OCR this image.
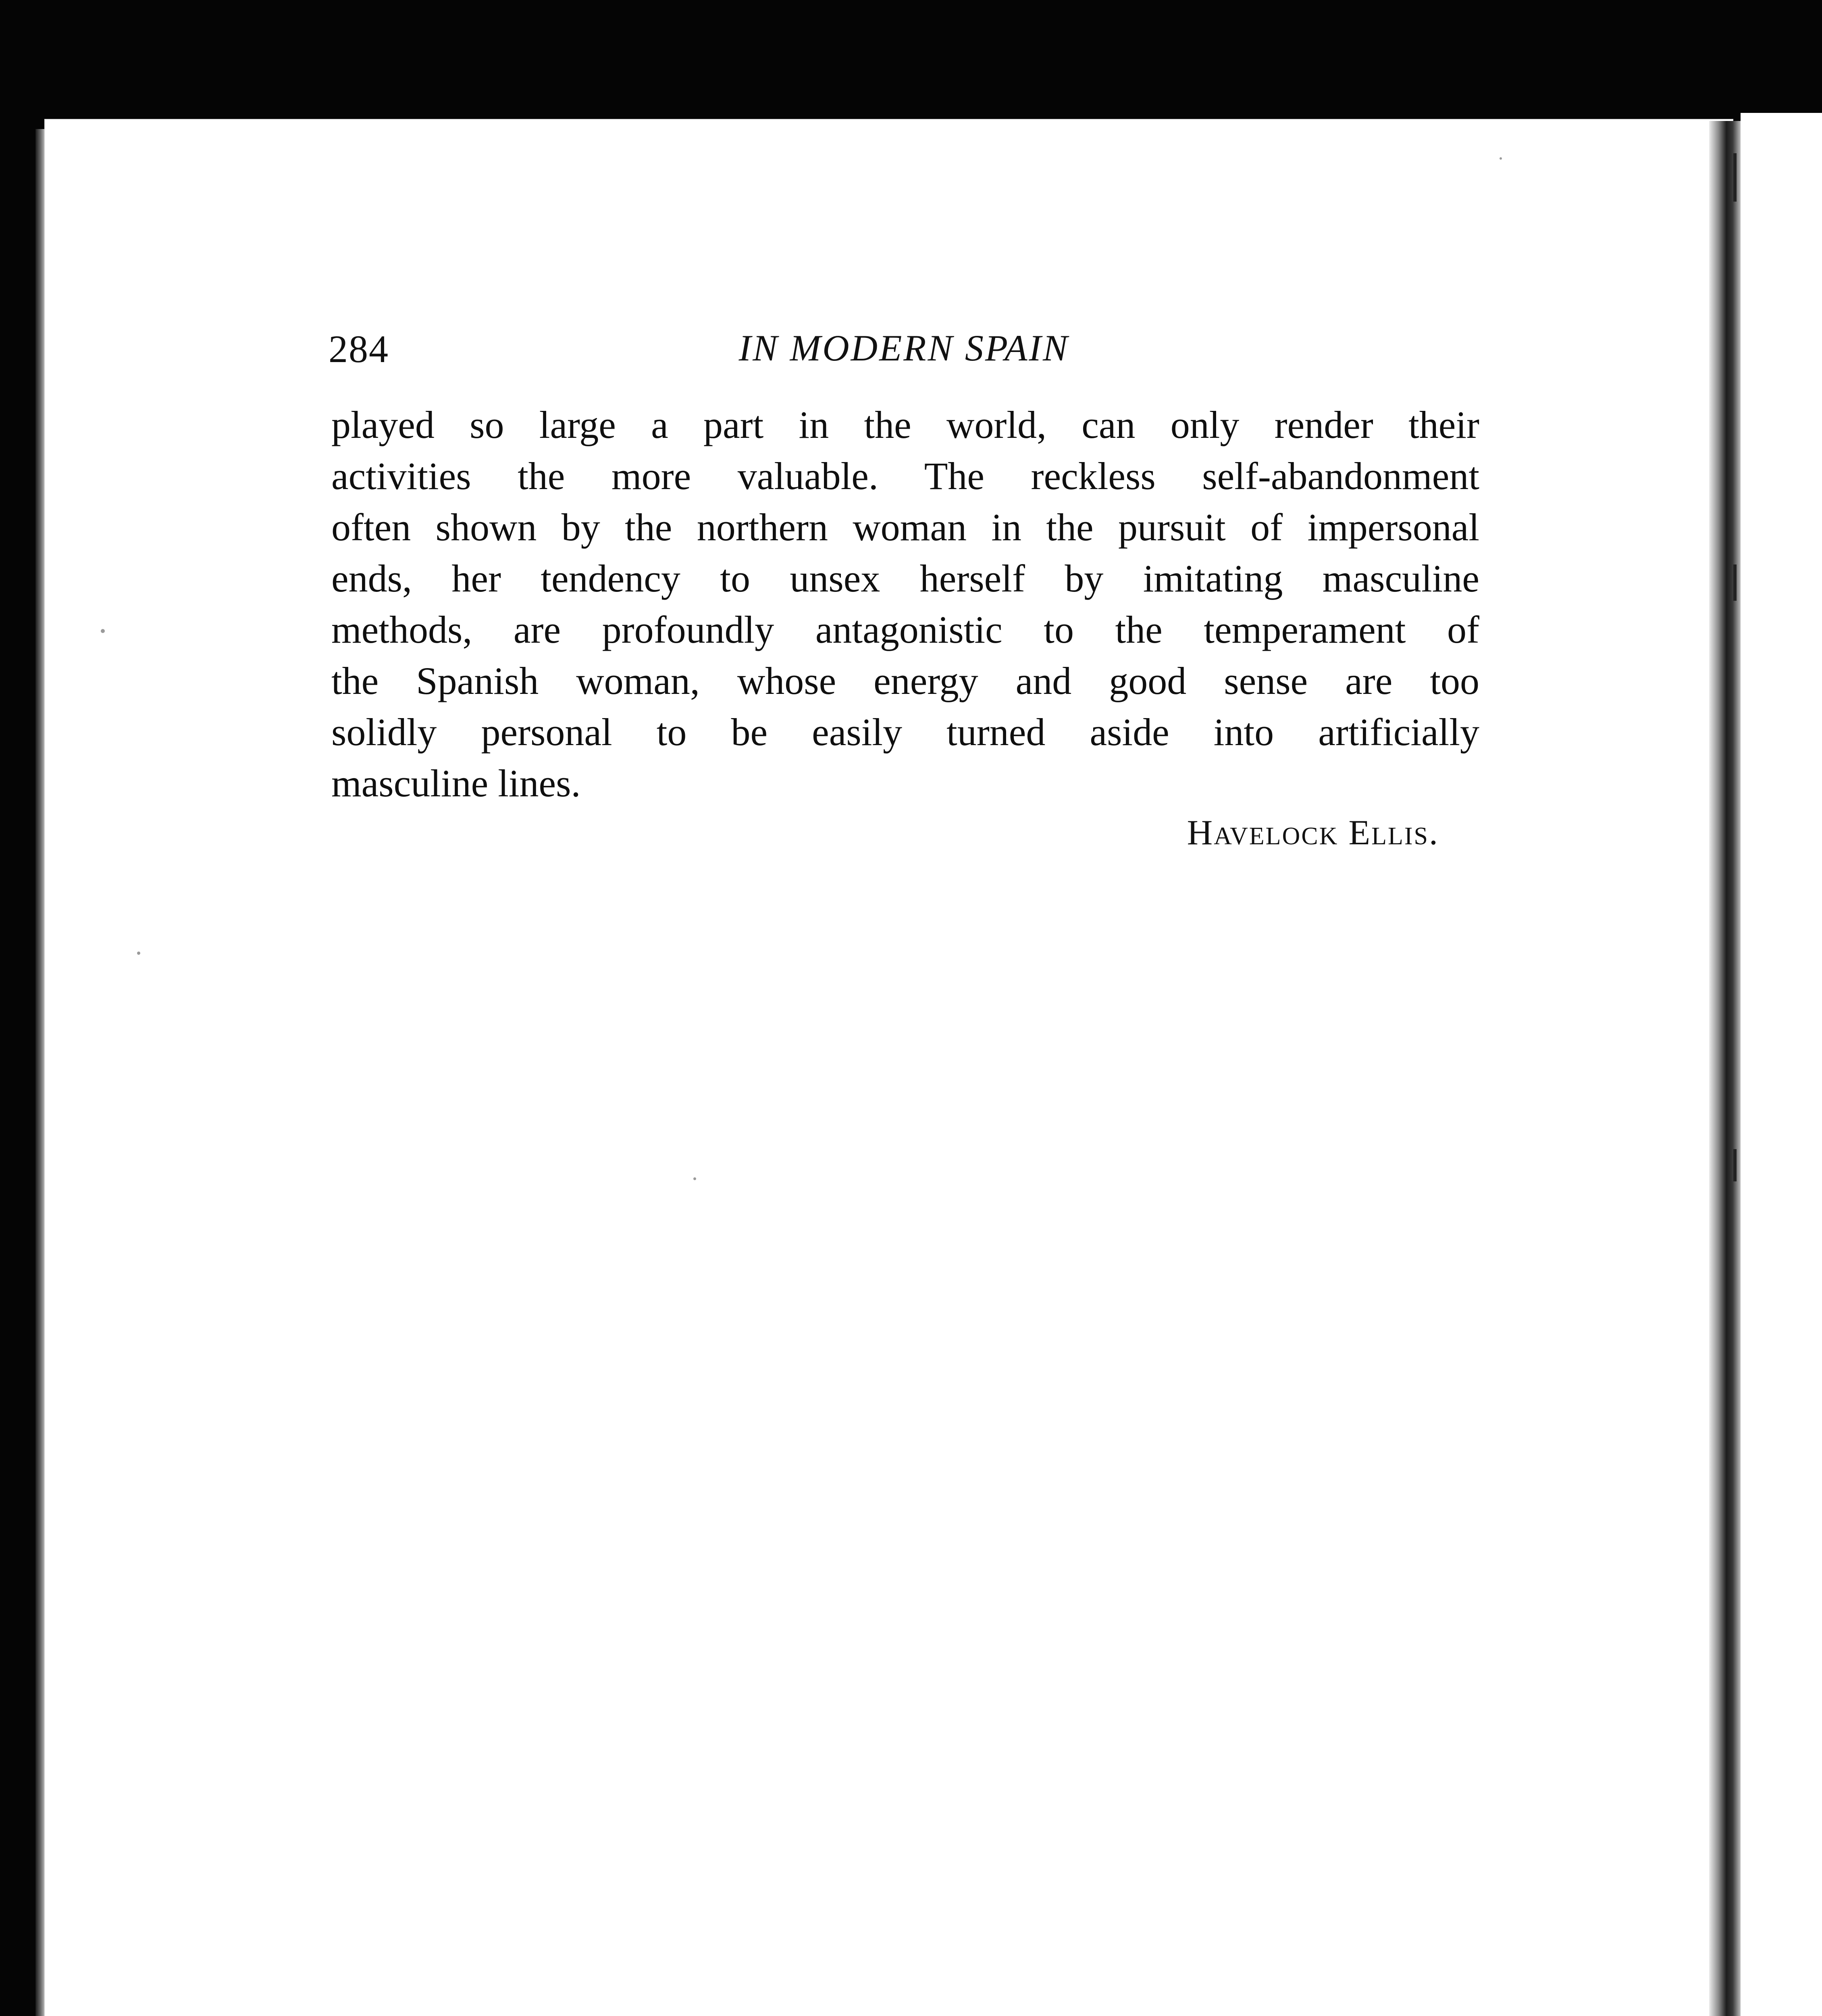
284	IN MODERN SPAIN
played so large a part in the world, can only render their
activities the more valuable. The reckless self-abandonment
often shown by the northern woman in the pursuit of impersonal
ends, her tendency to unsex herself by imitating masculine
methods, are profoundly antagonistic to the temperament of
the Spanish woman, whose energy and good sense are too
solidly personal to be easily turned aside into artificially
masculine lines.
Havelock Ellis.
